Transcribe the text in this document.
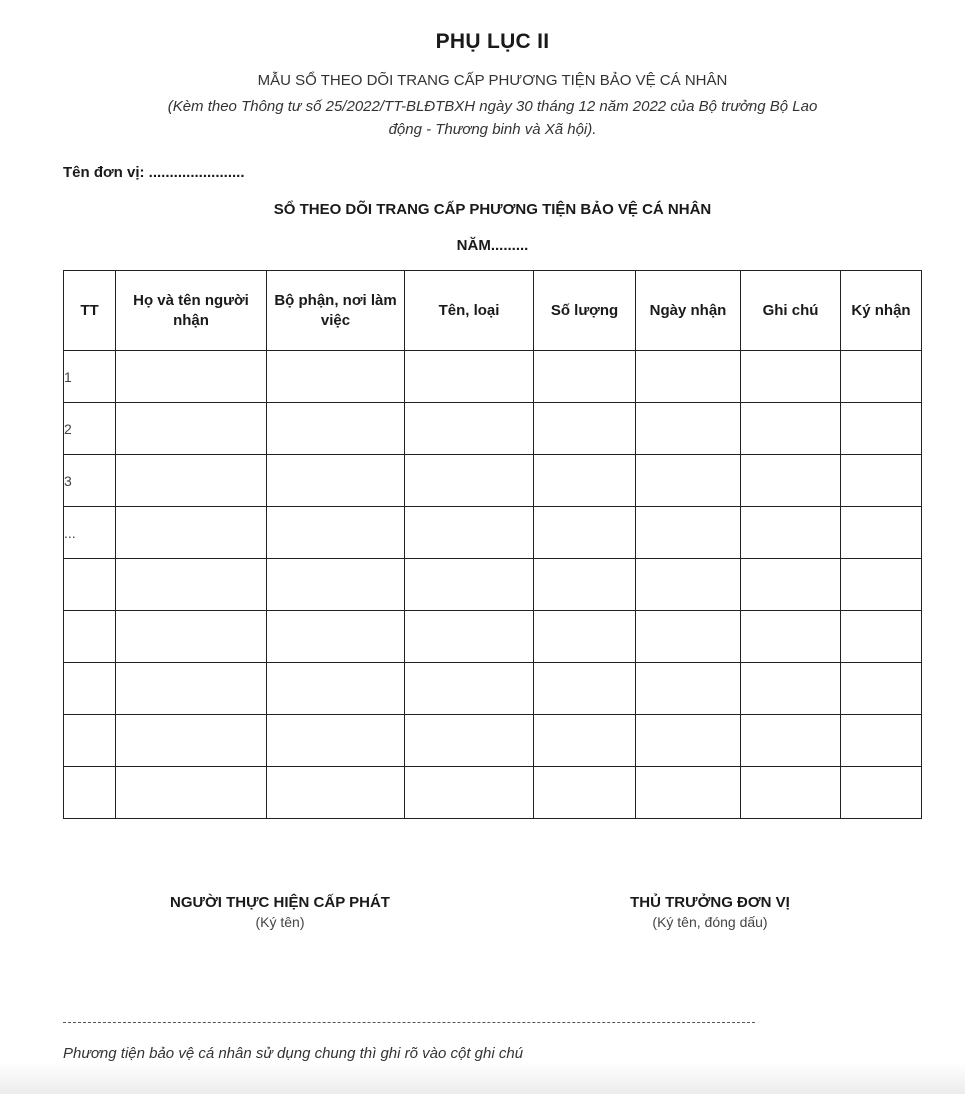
PHỤ LỤC II
MẪU SỔ THEO DÕI TRANG CẤP PHƯƠNG TIỆN BẢO VỆ CÁ NHÂN
(Kèm theo Thông tư số 25/2022/TT-BLĐTBXH ngày 30 tháng 12 năm 2022 của Bộ trưởng Bộ Lao
động - Thương binh và Xã hội).
Tên đơn vị: .......................
SỔ THEO DÕI TRANG CẤP PHƯƠNG TIỆN BẢO VỆ CÁ NHÂN
NĂM.........
TT	Họ và tên người nhận	Bộ phận, nơi làm việc	Tên, loại	Số lượng	Ngày nhận	Ghi chú	Ký nhận
1							
2							
3							
...							

NGƯỜI THỰC HIỆN CẤP PHÁT
(Ký tên)
THỦ TRƯỞNG ĐƠN VỊ
(Ký tên, đóng dấu)
Phương tiện bảo vệ cá nhân sử dụng chung thì ghi rõ vào cột ghi chú
